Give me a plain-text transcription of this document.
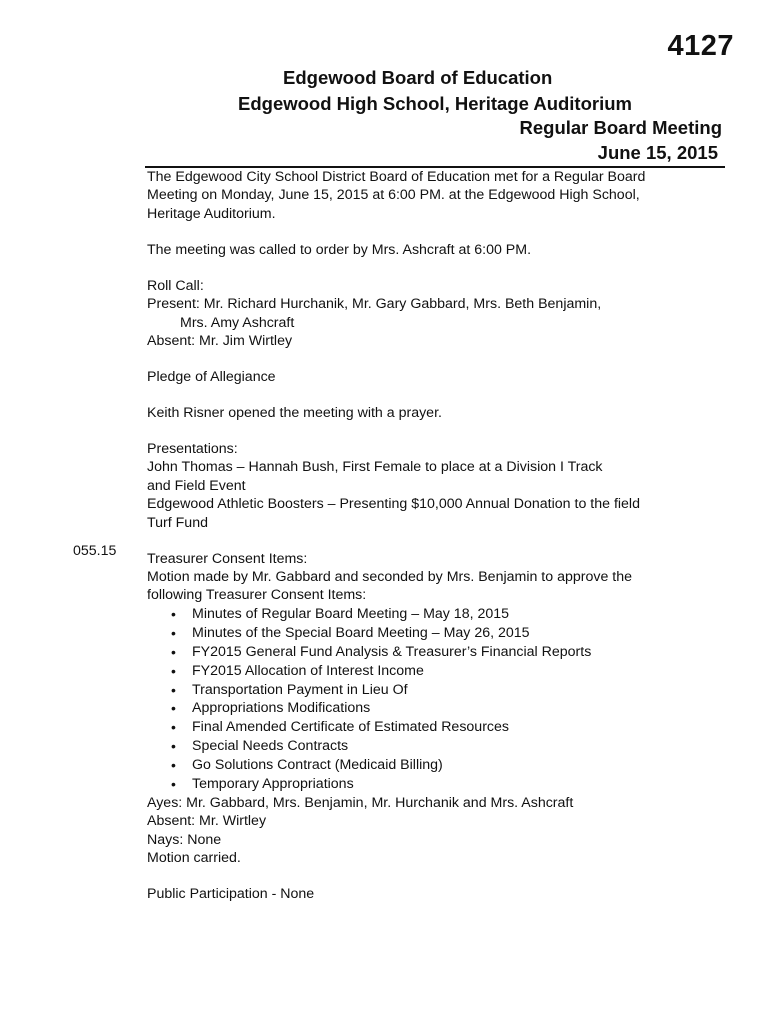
4127
Edgewood Board of Education
Edgewood High School, Heritage Auditorium
Regular Board Meeting
June 15, 2015
055.15

The Edgewood City School District Board of Education met for a Regular Board

Meeting on Monday, June 15, 2015 at 6:00 PM. at the Edgewood High School,

Heritage Auditorium.

The meeting was called to order by Mrs. Ashcraft at 6:00 PM.

Roll Call:

Present: Mr. Richard Hurchanik, Mr. Gary Gabbard, Mrs. Beth Benjamin,

Mrs. Amy Ashcraft

Absent: Mr. Jim Wirtley

Pledge of Allegiance

Keith Risner opened the meeting with a prayer.

Presentations:

John Thomas – Hannah Bush, First Female to place at a Division I Track

and Field Event

Edgewood Athletic Boosters – Presenting $10,000 Annual Donation to the field

Turf Fund

Treasurer Consent Items:

Motion made by Mr. Gabbard and seconded by Mrs. Benjamin to approve the

following Treasurer Consent Items:

• Minutes of Regular Board Meeting – May 18, 2015
• Minutes of the Special Board Meeting – May 26, 2015
• FY2015 General Fund Analysis & Treasurer’s Financial Reports
• FY2015 Allocation of Interest Income
• Transportation Payment in Lieu Of
• Appropriations Modifications
• Final Amended Certificate of Estimated Resources
• Special Needs Contracts
• Go Solutions Contract (Medicaid Billing)
• Temporary Appropriations

Ayes: Mr. Gabbard, Mrs. Benjamin, Mr. Hurchanik and Mrs. Ashcraft

Absent: Mr. Wirtley

Nays: None

Motion carried.

Public Participation - None
